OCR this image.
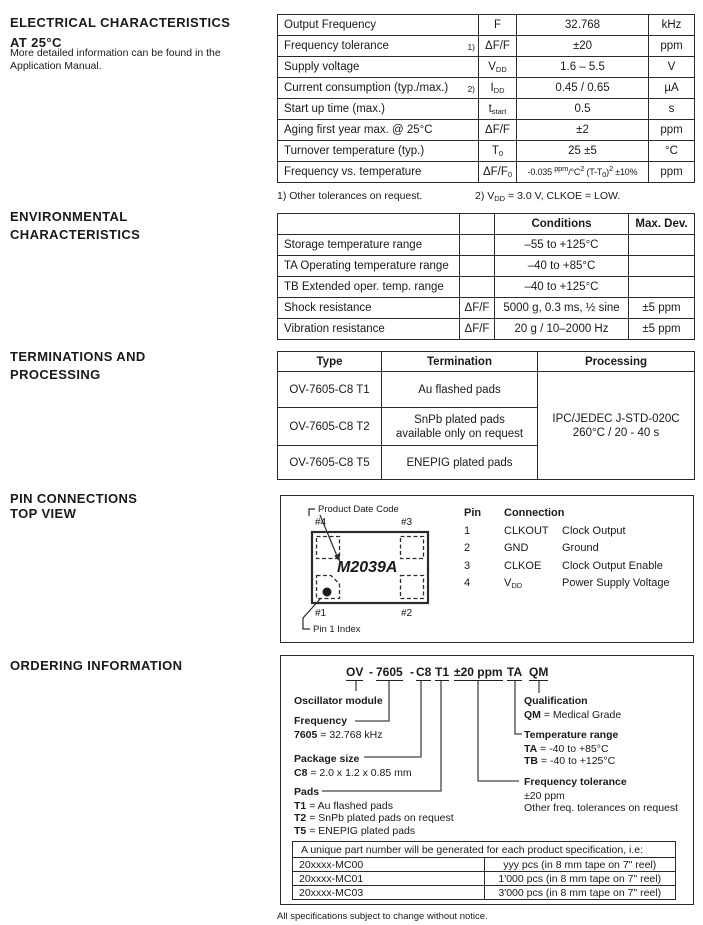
ELECTRICAL CHARACTERISTICS
AT 25°C
More detailed information can be found in the Application Manual.
ENVIRONMENTAL
CHARACTERISTICS
TERMINATIONS AND
PROCESSING
PIN CONNECTIONS
TOP VIEW
ORDERING INFORMATION
Output Frequency	F	32.768	kHz
Frequency tolerance 1)	ΔF/F	±20	ppm
Supply voltage	$V_{DD}$	1.6 – 5.5	V
Current consumption (typ./max.) 2)	$I_{DD}$	0.45 / 0.65	µA
Start up time (max.)	$t_{start}$	0.5	s
Aging first year max. @ 25°C	ΔF/F	±2	ppm
Turnover temperature (typ.)	$T_0$	25 ±5	°C
Frequency vs. temperature	$\Delta F/F_0$	-0.035 $^{ppm}/^\circ C^2$ $(T-T_0)^2 \pm 10\%$	ppm
1) Other tolerances on request.	2) $V_{DD} = 3.0$ V, CLKOE = LOW.
		Conditions	Max. Dev.
Storage temperature range		–55 to +125°C	
TA Operating temperature range		–40 to +85°C	
TB Extended oper. temp. range		–40 to +125°C	
Shock resistance	ΔF/F	5000 g, 0.3 ms, ½ sine	±5 ppm
Vibration resistance	ΔF/F	20 g / 10–2000 Hz	±5 ppm
Type	Termination	Processing
OV-7605-C8 T1	Au flashed pads	IPC/JEDEC J-STD-020C
260°C / 20 - 40 s

OV-7605-C8 T2	SnPb plated pads
available only on request	

OV-7605-C8 T5	ENEPIG plated pads	
Product Date Code
#4	#3
#1	#2
M2039A
Pin 1 Index
Pin	Connection
1	CLKOUT	Clock Output
2	GND	Ground
3	CLKOE	Clock Output Enable
4	$V_{DD}$	Power Supply Voltage
OV - 7605 - C8 T1 ±20 ppm TA QM
Oscillator module
Frequency
7605 = 32.768 kHz
Package size
C8 = 2.0 x 1.2 x 0.85 mm
Pads
T1 = Au flashed pads
T2 = SnPb plated pads on request
T5 = ENEPIG plated pads
Qualification
QM = Medical Grade
Temperature range
TA = -40 to +85°C
TB = -40 to +125°C
Frequency tolerance
±20 ppm
Other freq. tolerances on request
A unique part number will be generated for each product specification, i.e:	
20xxxx-MC00	yyy pcs (in 8 mm tape on 7" reel)
20xxxx-MC01	1'000 pcs (in 8 mm tape on 7" reel)
20xxxx-MC03	3'000 pcs (in 8 mm tape on 7" reel)
All specifications subject to change without notice.
